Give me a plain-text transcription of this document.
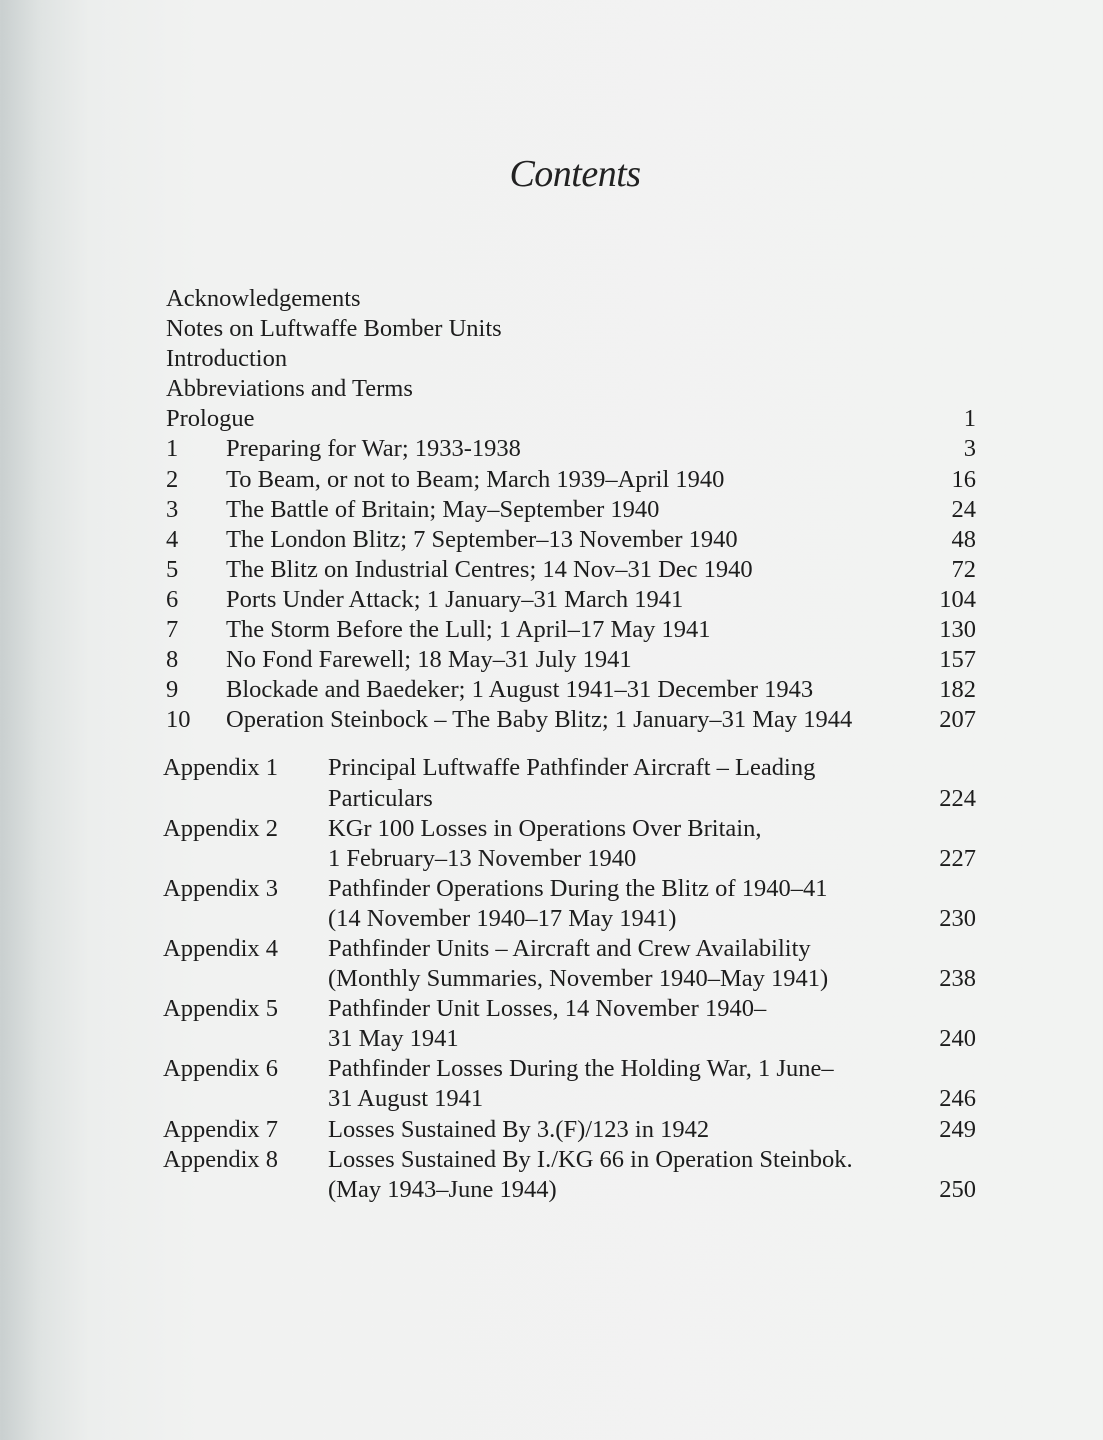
Contents
Acknowledgements
Notes on Luftwaffe Bomber Units
Introduction
Abbreviations and Terms
Prologue	1
1	Preparing for War; 1933-1938	3
2	To Beam, or not to Beam; March 1939–April 1940	16
3	The Battle of Britain; May–September 1940	24
4	The London Blitz; 7 September–13 November 1940	48
5	The Blitz on Industrial Centres; 14 Nov–31 Dec 1940	72
6	Ports Under Attack; 1 January–31 March 1941	104
7	The Storm Before the Lull; 1 April–17 May 1941	130
8	No Fond Farewell; 18 May–31 July 1941	157
9	Blockade and Baedeker; 1 August 1941–31 December 1943	182
10	Operation Steinbock – The Baby Blitz; 1 January–31 May 1944	207
Appendix 1 Principal Luftwaffe Pathfinder Aircraft – Leading
Particulars	224
Appendix 2 KGr 100 Losses in Operations Over Britain,
1 February–13 November 1940	227
Appendix 3 Pathfinder Operations During the Blitz of 1940–41
(14 November 1940–17 May 1941)	230
Appendix 4 Pathfinder Units – Aircraft and Crew Availability
(Monthly Summaries, November 1940–May 1941)	238
Appendix 5 Pathfinder Unit Losses, 14 November 1940–
31 May 1941	240
Appendix 6 Pathfinder Losses During the Holding War, 1 June–
31 August 1941	246
Appendix 7 Losses Sustained By 3.(F)/123 in 1942	249
Appendix 8 Losses Sustained By I./KG 66 in Operation Steinbok.
(May 1943–June 1944)	250
